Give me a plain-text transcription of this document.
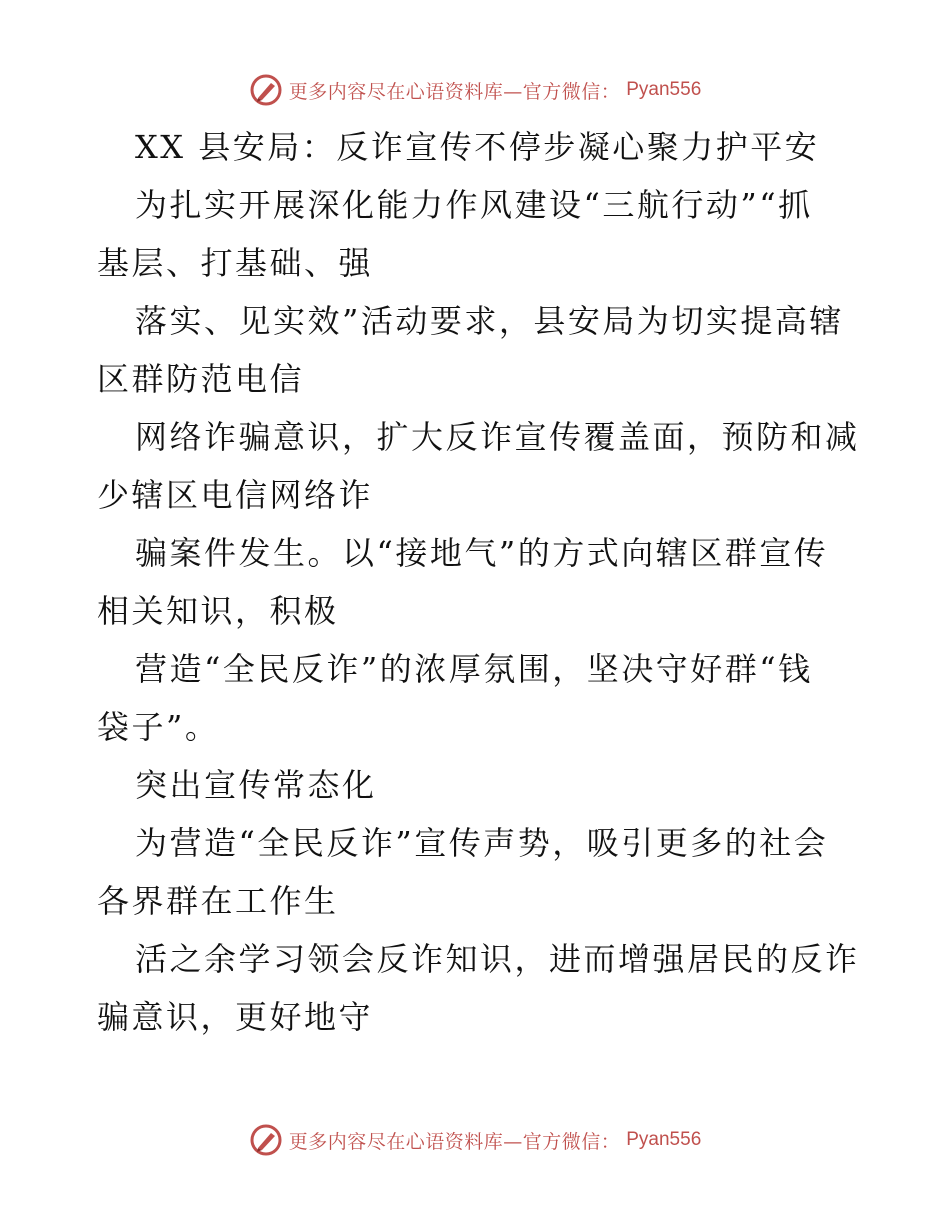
更多内容尽在心语资料库—官方微信： Pyan556
XX 县安局：反诈宣传不停步凝心聚力护平安
为扎实开展深化能力作风建设“三航行动”“抓
基层、打基础、强
落实、见实效”活动要求，县安局为切实提高辖
区群防范电信
网络诈骗意识，扩大反诈宣传覆盖面，预防和减
少辖区电信网络诈
骗案件发生。以“接地气”的方式向辖区群宣传
相关知识，积极
营造“全民反诈”的浓厚氛围，坚决守好群“钱
袋子”。
突出宣传常态化
为营造“全民反诈”宣传声势，吸引更多的社会
各界群在工作生
活之余学习领会反诈知识，进而增强居民的反诈
骗意识，更好地守
更多内容尽在心语资料库—官方微信： Pyan556
